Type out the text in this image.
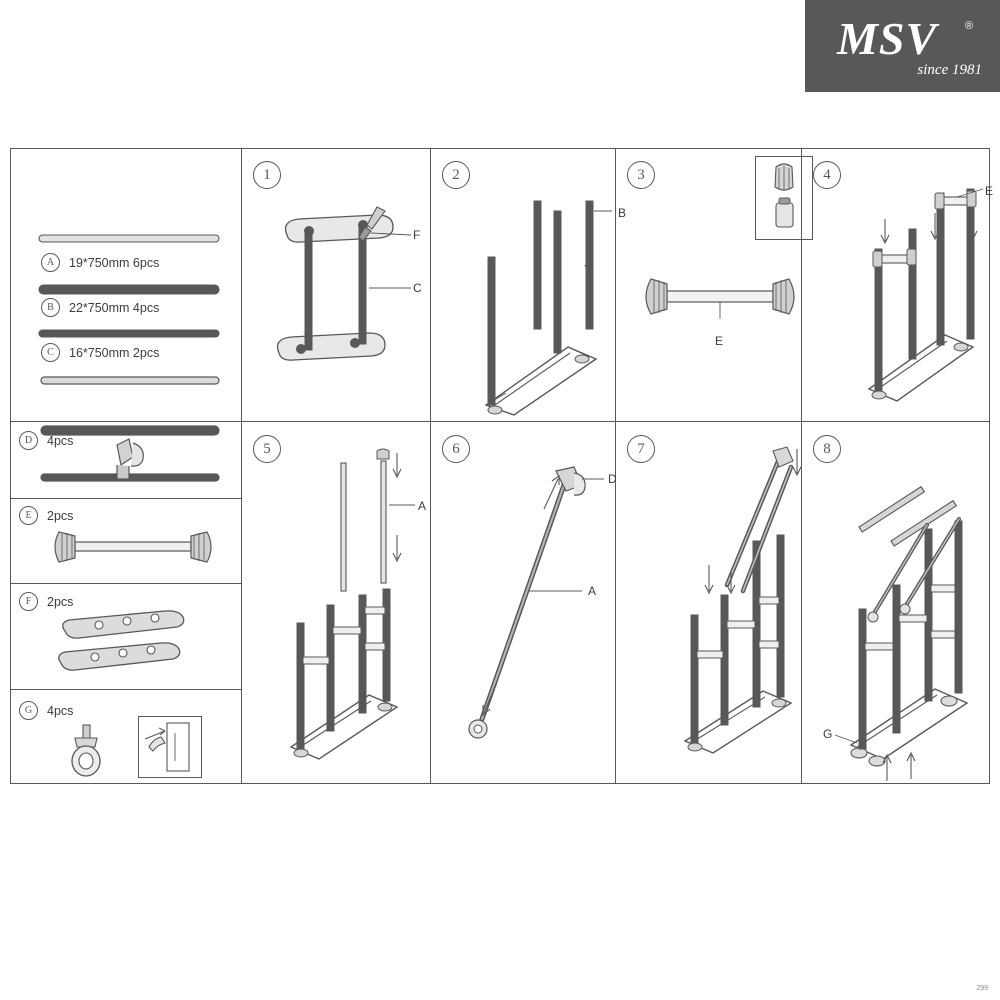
MSV	®
since 1981
A	19*750mm 6pcs
B	22*750mm 4pcs
C	16*750mm 2pcs
D	4pcs
E	2pcs
F	2pcs
G	4pcs
1
F
C
2
B
3
E
4
E
5
A
6
D
A
7	8
G
299
